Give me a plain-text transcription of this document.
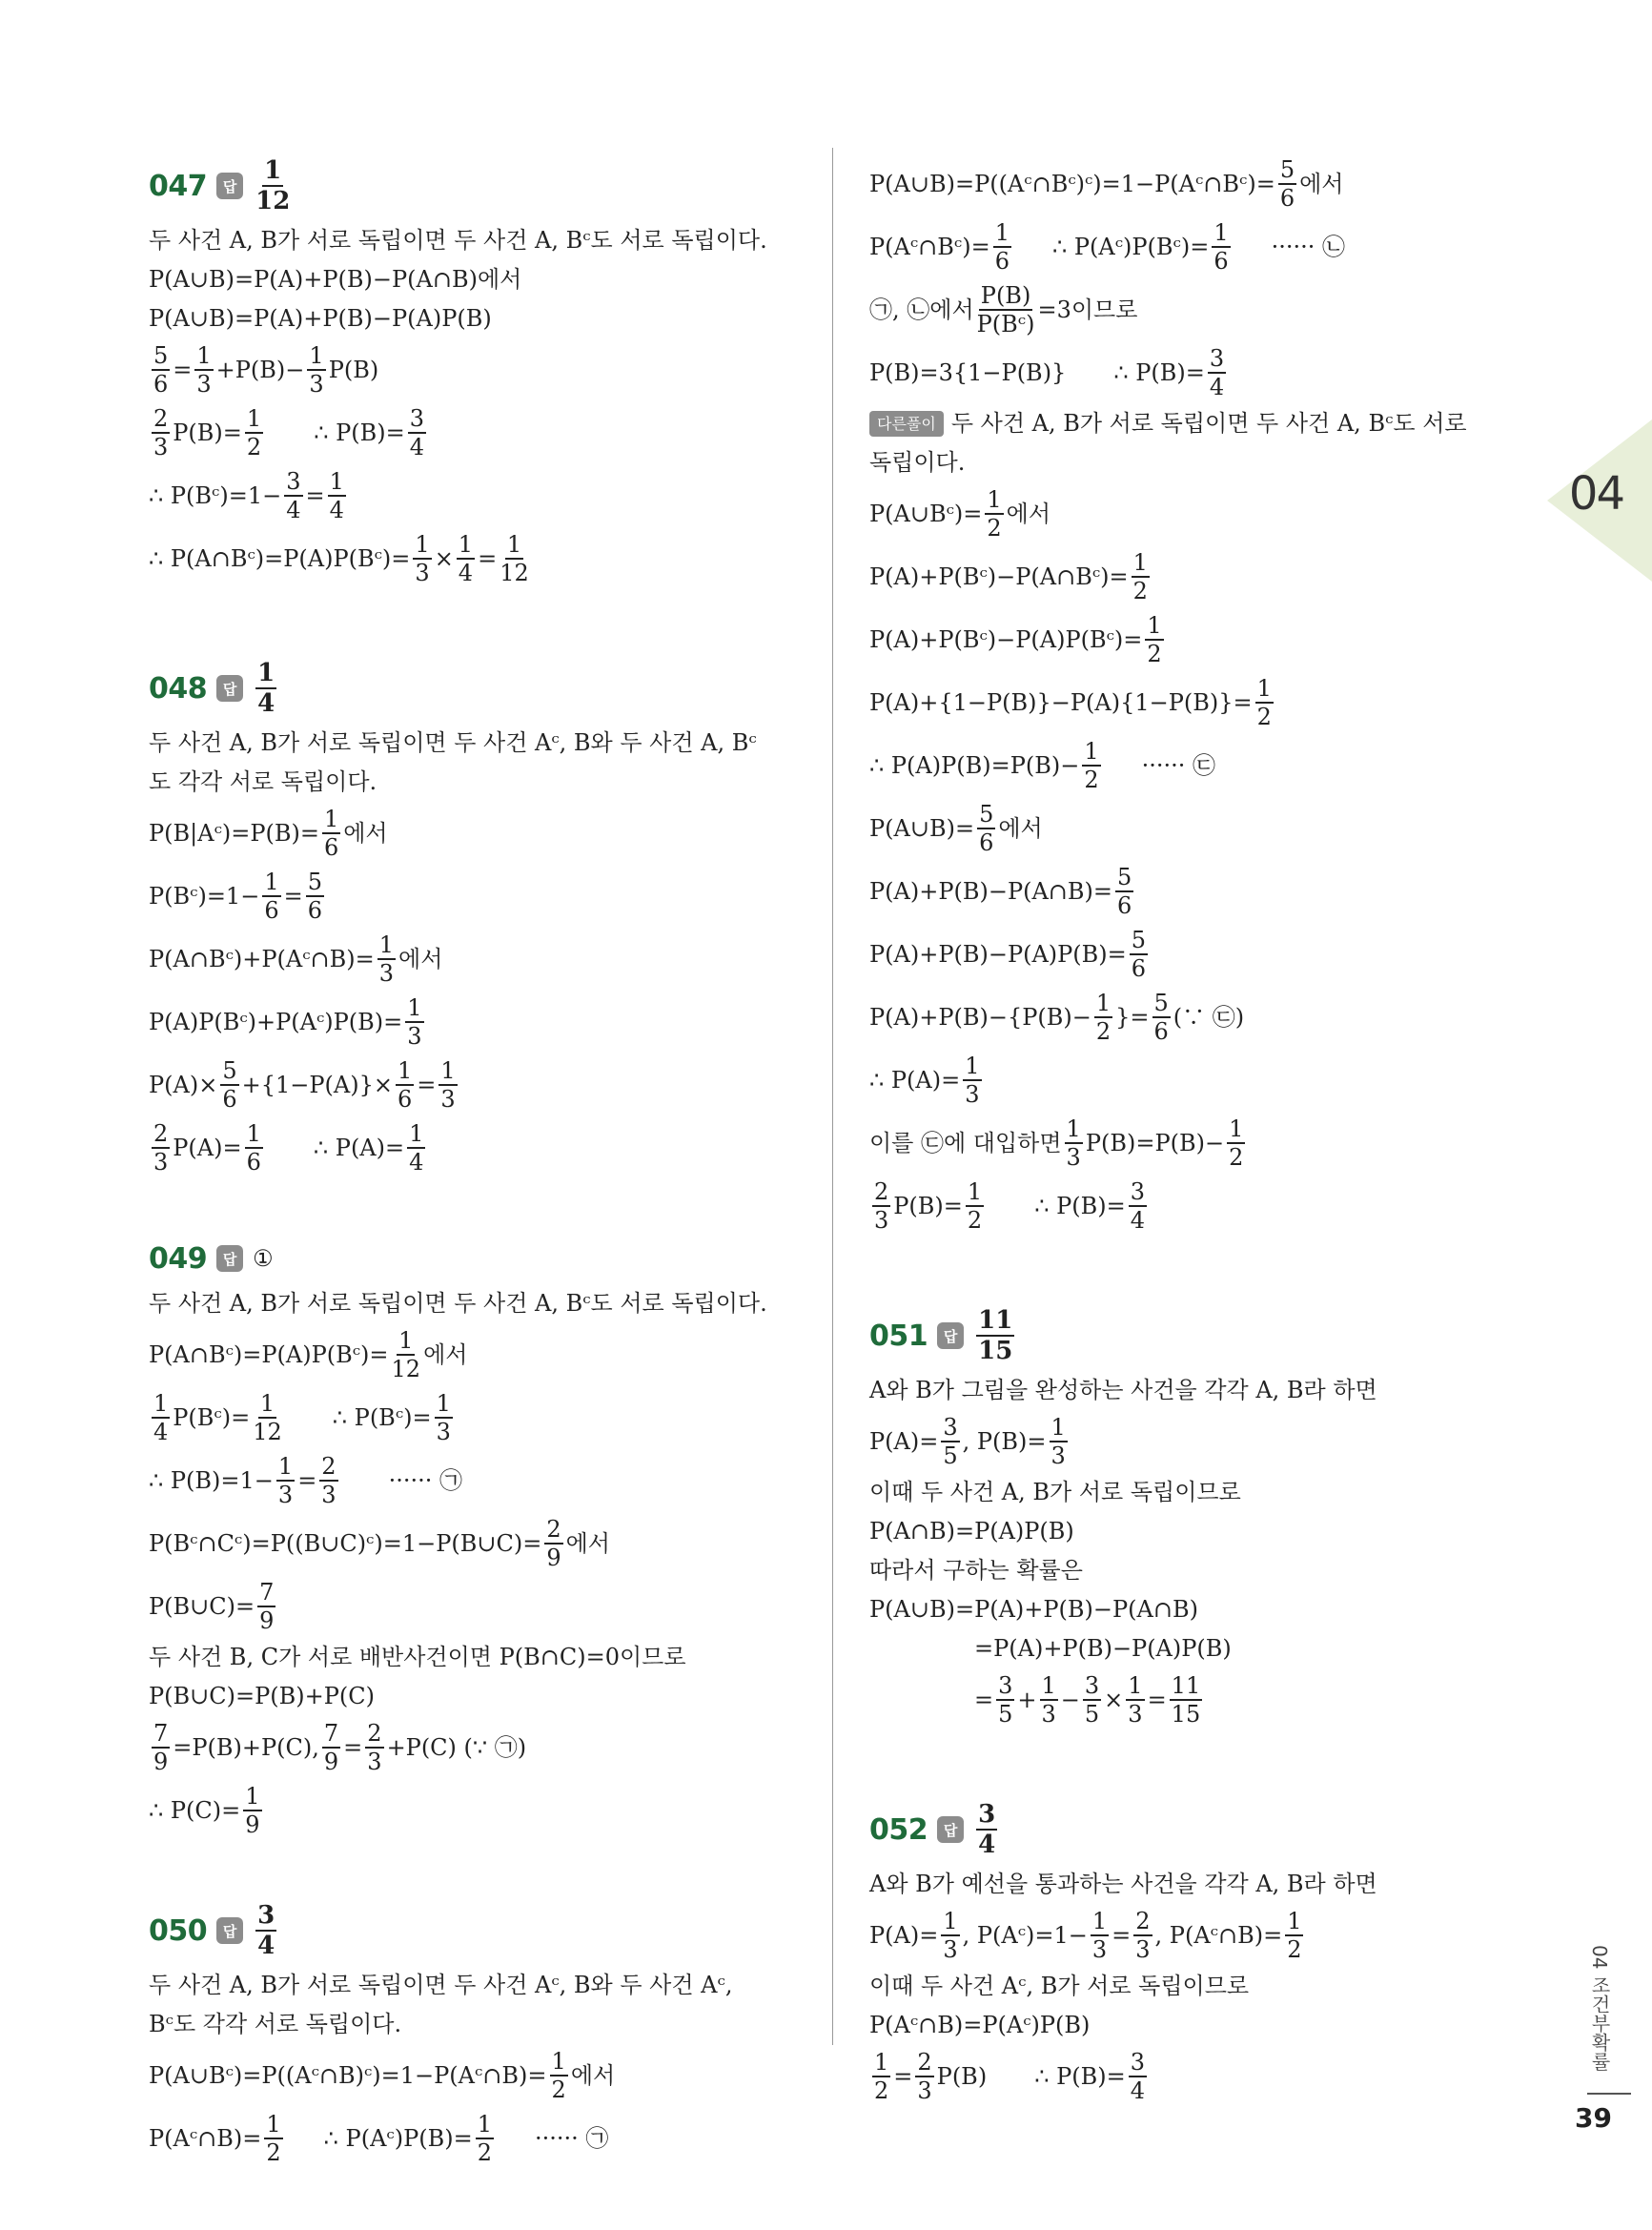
047	답 $\frac{1}{12}$
두 사건 A, B가 서로 독립이면 두 사건 A, Bᶜ도 서로 독립이다.
P(A∪B)=P(A)+P(B)−P(A∩B)에서
P(A∪B)=P(A)+P(B)−P(A)P(B)
$\frac{5}{6} = \frac{1}{3} +P(B)- \frac{1}{3} P(B)$
$\frac{2}{3} P(B)= \frac{1}{2}$ ∴ $P(B)= \frac{3}{4}$
∴ P(Bᶜ)=1− $\frac{3}{4} = \frac{1}{4}$
∴ P(A∩Bᶜ)=P(A)P(Bᶜ)= $\frac{1}{3} \times \frac{1}{4} = \frac{1}{12}$
048	답 $\frac{1}{4}$
두 사건 A, B가 서로 독립이면 두 사건 Aᶜ, B와 두 사건 A, Bᶜ
도 각각 서로 독립이다.
P(B|Aᶜ)=P(B)= $\frac{1}{6}$ 에서
P(Bᶜ)=1− $\frac{1}{6} = \frac{5}{6}$
P(A∩Bᶜ)+P(Aᶜ∩B)= $\frac{1}{3}$ 에서
P(A)P(Bᶜ)+P(Aᶜ)P(B)= $\frac{1}{3}$
$P(A)\times \frac{5}{6} +\{1-P(A)\}\times \frac{1}{6} = \frac{1}{3}$
$\frac{2}{3} P(A)= \frac{1}{6}$ ∴ $P(A)= \frac{1}{4}$
049	답 ①
두 사건 A, B가 서로 독립이면 두 사건 A, Bᶜ도 서로 독립이다.
P(A∩Bᶜ)=P(A)P(Bᶜ)= $\frac{1}{12}$ 에서
$\frac{1}{4}$ P(Bᶜ)= $\frac{1}{12}$ ∴ P(Bᶜ)= $\frac{1}{3}$
∴ $P(B)=1- \frac{1}{3} = \frac{2}{3}$ ······ ㉠
P(Bᶜ∩Cᶜ)=P((B∪C)ᶜ)=1−P(B∪C)= $\frac{2}{9}$ 에서
P(B∪C)= $\frac{7}{9}$
두 사건 B, C가 서로 배반사건이면 P(B∩C)=0이므로
P(B∪C)=P(B)+P(C)
$\frac{7}{9} =P(B)+P(C)$, $\frac{7}{9} = \frac{2}{3} +P(C)$ (∵ ㉠)
∴ $P(C)= \frac{1}{9}$
050	답 $\frac{3}{4}$
두 사건 A, B가 서로 독립이면 두 사건 Aᶜ, B와 두 사건 Aᶜ,
Bᶜ도 각각 서로 독립이다.
P(A∪Bᶜ)=P((Aᶜ∩B)ᶜ)=1−P(Aᶜ∩B)= $\frac{1}{2}$ 에서
P(Aᶜ∩B)= $\frac{1}{2}$ ∴ P(Aᶜ)P(B)= $\frac{1}{2}$ ······ ㉠
P(A∪B)=P((Aᶜ∩Bᶜ)ᶜ)=1−P(Aᶜ∩Bᶜ)= $\frac{5}{6}$ 에서
P(Aᶜ∩Bᶜ)= $\frac{1}{6}$ ∴ P(Aᶜ)P(Bᶜ)= $\frac{1}{6}$ ······ ㉡
㉠, ㉡에서 $\frac{P(B)}{\text{P(Bᶜ)}} =3$이므로
P(B)=3{1−P(B)} ∴ $P(B)= \frac{3}{4}$
다른풀이 두 사건 A, B가 서로 독립이면 두 사건 A, Bᶜ도 서로
독립이다.
P(A∪Bᶜ)= $\frac{1}{2}$ 에서
P(A)+P(Bᶜ)−P(A∩Bᶜ)= $\frac{1}{2}$
P(A)+P(Bᶜ)−P(A)P(Bᶜ)= $\frac{1}{2}$
$P(A)+\{1-P(B)\}-P(A)\{1-P(B)\}= \frac{1}{2}$
∴ $P(A)P(B)=P(B)- \frac{1}{2}$ ······ ㉢
P(A∪B)= $\frac{5}{6}$ 에서
P(A)+P(B)−P(A∩B)= $\frac{5}{6}$
$P(A)+P(B)-P(A)P(B)= \frac{5}{6}$
$P(A)+P(B)-\{P(B)- \frac{1}{2}$ }= $\frac{5}{6}$ (∵ ㉢)
∴ $P(A)= \frac{1}{3}$
이를 ㉢에 대입하면 $\frac{1}{3} P(B)=P(B)- \frac{1}{2}$
$\frac{2}{3} P(B)= \frac{1}{2}$ ∴ $P(B)= \frac{3}{4}$
051	답 $\frac{11}{15}$
A와 B가 그림을 완성하는 사건을 각각 A, B라 하면
$P(A)= \frac{3}{5}$ , $P(B)= \frac{1}{3}$
이때 두 사건 A, B가 서로 독립이므로
P(A∩B)=P(A)P(B)
따라서 구하는 확률은
P(A∪B)=P(A)+P(B)−P(A∩B)
=P(A)+P(B)−P(A)P(B)
= $\frac{3}{5} + \frac{1}{3} - \frac{3}{5} \times \frac{1}{3} = \frac{11}{15}$
052	답 $\frac{3}{4}$
A와 B가 예선을 통과하는 사건을 각각 A, B라 하면
$P(A)= \frac{1}{3}$ , P(Aᶜ)=1− $\frac{1}{3} = \frac{2}{3}$ , P(Aᶜ∩B)= $\frac{1}{2}$
이때 두 사건 Aᶜ, B가 서로 독립이므로
P(Aᶜ∩B)=P(Aᶜ)P(B)
$\frac{1}{2} = \frac{2}{3} P(B)$ ∴ $P(B)= \frac{3}{4}$
04
04 조건부확률
39
